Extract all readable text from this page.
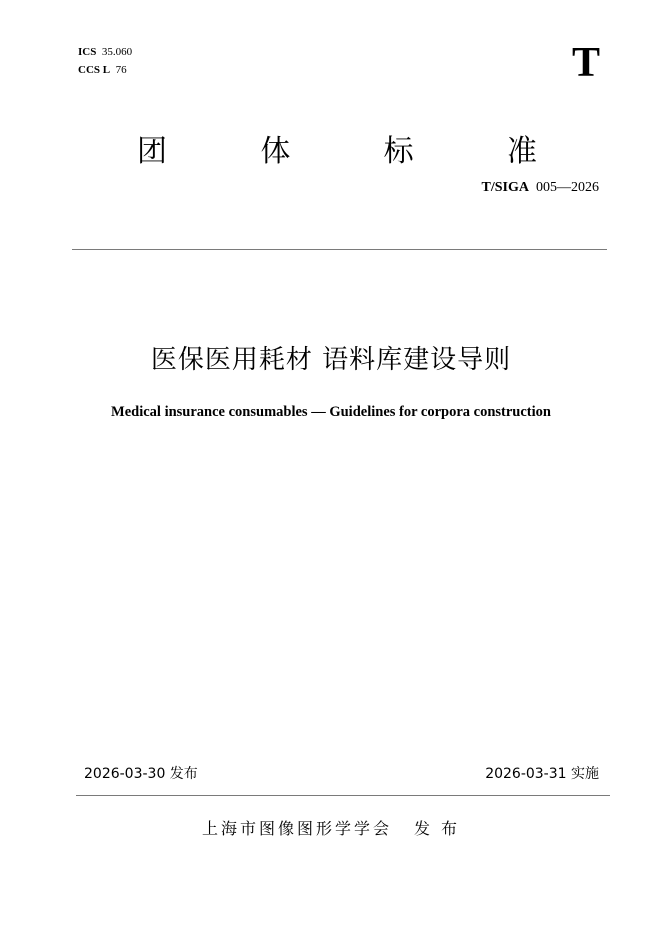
ICS 35.060
CCS L 76	T
团	体	标	准
T/SIGA 005—2026
医保医用耗材 语料库建设导则
Medical insurance consumables — Guidelines for corpora construction
2026-03-30 发布	2026-03-31 实施
上海市图像图形学学会 发 布
